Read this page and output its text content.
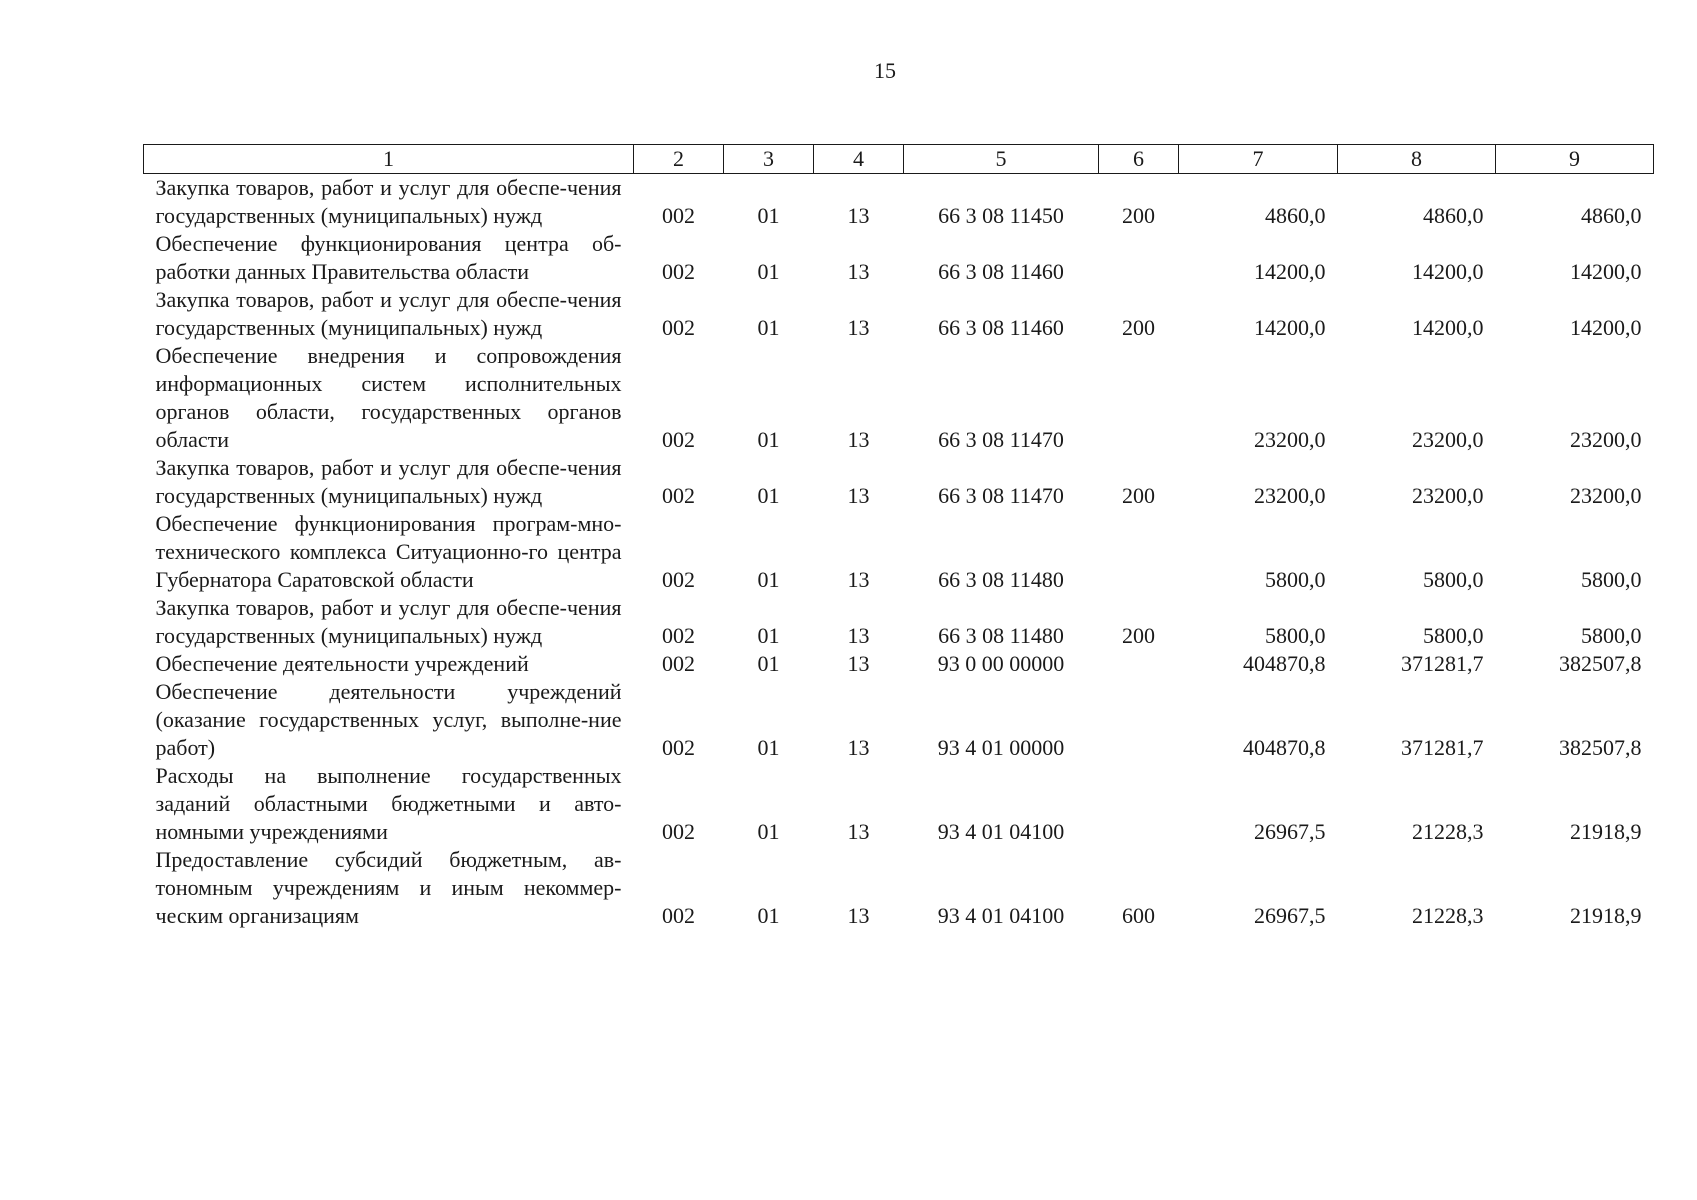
15
1	2	3	4	5	6	7	8	9
Закупка товаров, работ и услуг для обеспе-чения государственных (муниципальных) нужд	002	01	13	66 3 08 11450	200	4860,0	4860,0	4860,0
Обеспечение функционирования центра об-работки данных Правительства области	002	01	13	66 3 08 11460		14200,0	14200,0	14200,0
Закупка товаров, работ и услуг для обеспе-чения государственных (муниципальных) нужд	002	01	13	66 3 08 11460	200	14200,0	14200,0	14200,0
Обеспечение внедрения и сопровождения информационных систем исполнительных органов области, государственных органов области	002	01	13	66 3 08 11470		23200,0	23200,0	23200,0
Закупка товаров, работ и услуг для обеспе-чения государственных (муниципальных) нужд	002	01	13	66 3 08 11470	200	23200,0	23200,0	23200,0
Обеспечение функционирования програм-мно-технического комплекса Ситуационно-го центра Губернатора Саратовской области	002	01	13	66 3 08 11480		5800,0	5800,0	5800,0
Закупка товаров, работ и услуг для обеспе-чения государственных (муниципальных) нужд	002	01	13	66 3 08 11480	200	5800,0	5800,0	5800,0
Обеспечение деятельности учреждений	002	01	13	93 0 00 00000		404870,8	371281,7	382507,8
Обеспечение деятельности учреждений (оказание государственных услуг, выполне-ние работ)	002	01	13	93 4 01 00000		404870,8	371281,7	382507,8
Расходы на выполнение государственных заданий областными бюджетными и авто-номными учреждениями	002	01	13	93 4 01 04100		26967,5	21228,3	21918,9
Предоставление субсидий бюджетным, ав-тономным учреждениям и иным некоммер-ческим организациям	002	01	13	93 4 01 04100	600	26967,5	21228,3	21918,9
